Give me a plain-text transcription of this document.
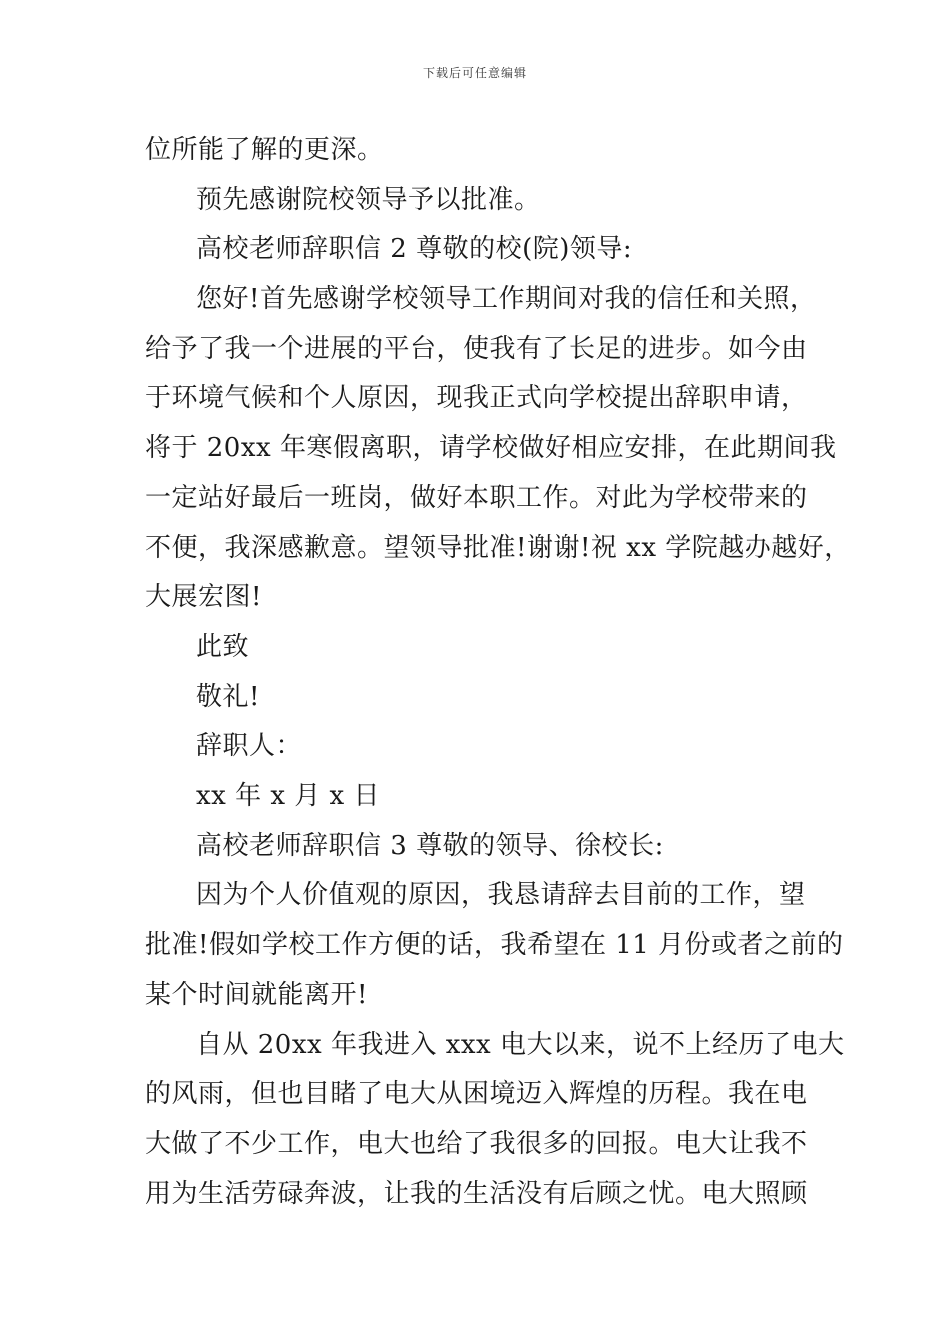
下载后可任意编辑
位所能了解的更深。
预先感谢院校领导予以批准。
高校老师辞职信 2 尊敬的校(院)领导:
您好!首先感谢学校领导工作期间对我的信任和关照，
给予了我一个进展的平台，使我有了长足的进步。如今由
于环境气候和个人原因，现我正式向学校提出辞职申请，
将于 20xx 年寒假离职，请学校做好相应安排，在此期间我
一定站好最后一班岗，做好本职工作。对此为学校带来的
不便，我深感歉意。望领导批准!谢谢!祝 xx 学院越办越好，
大展宏图!
此致
敬礼!
辞职人：
xx 年 x 月 x 日
高校老师辞职信 3 尊敬的领导、徐校长:
因为个人价值观的原因，我恳请辞去目前的工作，望
批准!假如学校工作方便的话，我希望在 11 月份或者之前的
某个时间就能离开!
自从 20xx 年我进入 xxx 电大以来，说不上经历了电大
的风雨，但也目睹了电大从困境迈入辉煌的历程。我在电
大做了不少工作，电大也给了我很多的回报。电大让我不
用为生活劳碌奔波，让我的生活没有后顾之忧。电大照顾
